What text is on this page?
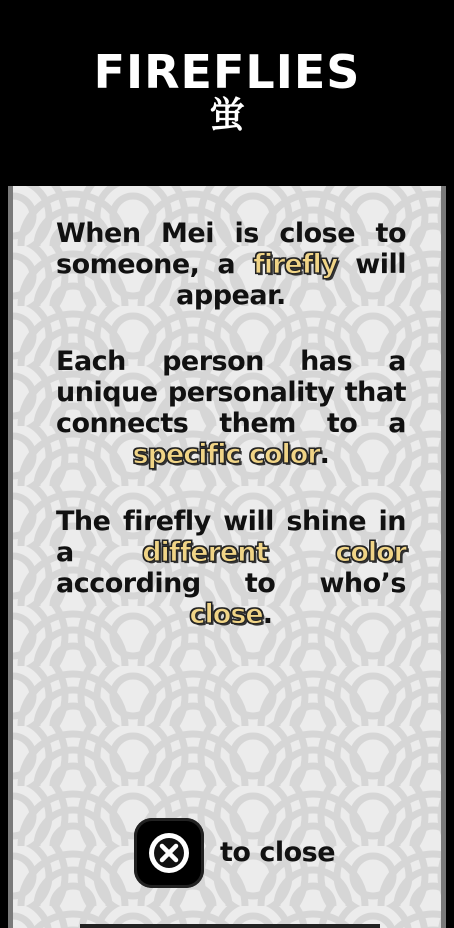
FIREFLIES
蛍
When Mei is close to someone, a firefly will appear.
Each person has a unique personality that connects them to a specific color.
The firefly will shine in a different color according to who’s close.
to close
